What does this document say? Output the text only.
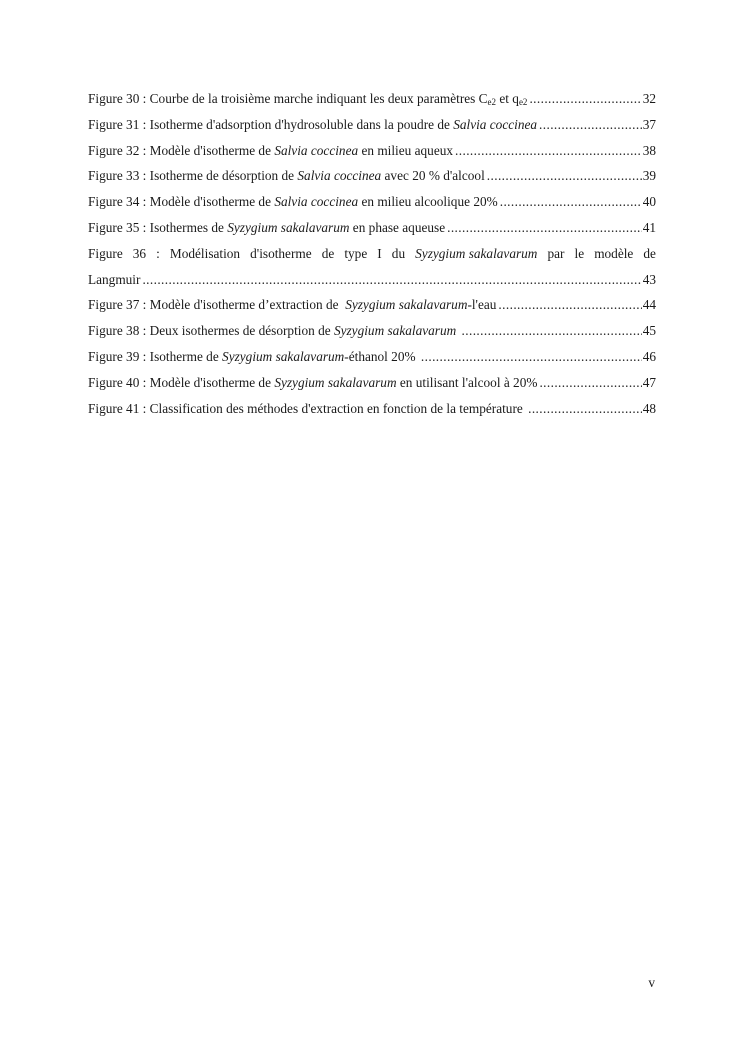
Figure 30 : Courbe de la troisième marche indiquant les deux paramètres $C_{e2}$ et $q_{e2}$ .....	32
Figure 31 : Isotherme d'adsorption d'hydrosoluble dans la poudre de Salvia coccinea .....	37
Figure 32 : Modèle d'isotherme de Salvia coccinea en milieu aqueux .....	38
Figure 33 : Isotherme de désorption de Salvia coccinea avec 20 % d'alcool .....	39
Figure 34 : Modèle d'isotherme de Salvia coccinea en milieu alcoolique 20% .....	40
Figure 35 : Isothermes de Syzygium sakalavarum en phase aqueuse .....	41
Figure 36 : Modélisation d'isotherme de type I du Syzygium sakalavarum par le modèle de
Langmuir .....	43
Figure 37 : Modèle d'isotherme d’extraction de  Syzygium sakalavarum-l'eau .....	44
Figure 38 : Deux isothermes de désorption de Syzygium sakalavarum .....	45
Figure 39 : Isotherme de Syzygium sakalavarum-éthanol 20% .....	46
Figure 40 : Modèle d'isotherme de Syzygium sakalavarum en utilisant l'alcool à 20% .....	47
Figure 41 : Classification des méthodes d'extraction en fonction de la température .....	48
v
